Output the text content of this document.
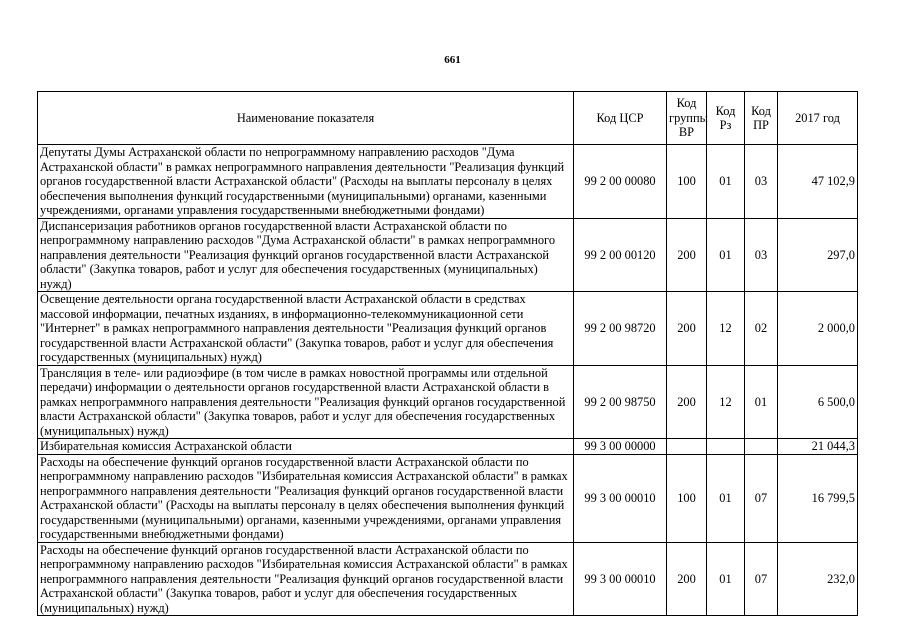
661
Наименование показателя	Код ЦСР	Код группы ВР	Код Рз	Код ПР	2017 год
Депутаты Думы Астраханской области по непрограммному направлению расходов "Дума Астраханской области" в рамках непрограммного направления деятельности "Реализация функций органов государственной власти Астраханской области" (Расходы на выплаты персоналу в целях обеспечения выполнения функций государственными (муниципальными) органами, казенными учреждениями, органами управления государственными внебюджетными фондами)	99 2 00 00080	100	01	03	47 102,9
Диспансеризация работников органов государственной власти Астраханской области по непрограммному направлению расходов "Дума Астраханской области" в рамках непрограммного направления деятельности "Реализация функций органов государственной власти Астраханской области" (Закупка товаров, работ и услуг для обеспечения государственных (муниципальных) нужд)	99 2 00 00120	200	01	03	297,0
Освещение деятельности органа государственной власти Астраханской области в средствах массовой информации, печатных изданиях, в информационно-телекоммуникационной сети "Интернет" в рамках непрограммного направления деятельности "Реализация функций органов государственной власти Астраханской области" (Закупка товаров, работ и услуг для обеспечения государственных (муниципальных) нужд)	99 2 00 98720	200	12	02	2 000,0
Трансляция в теле- или радиоэфире (в том числе в рамках новостной программы или отдельной передачи) информации о деятельности органов государственной власти Астраханской области в рамках непрограммного направления деятельности "Реализация функций органов государственной власти Астраханской области" (Закупка товаров, работ и услуг для обеспечения государственных (муниципальных) нужд)	99 2 00 98750	200	12	01	6 500,0
Избирательная комиссия Астраханской области	99 3 00 00000				21 044,3
Расходы на обеспечение функций органов государственной власти Астраханской области по непрограммному направлению расходов "Избирательная комиссия Астраханской области" в рамках непрограммного направления деятельности "Реализация функций органов государственной власти Астраханской области" (Расходы на выплаты персоналу в целях обеспечения выполнения функций государственными (муниципальными) органами, казенными учреждениями, органами управления государственными внебюджетными фондами)	99 3 00 00010	100	01	07	16 799,5
Расходы на обеспечение функций органов государственной власти Астраханской области по непрограммному направлению расходов "Избирательная комиссия Астраханской области" в рамках непрограммного направления деятельности "Реализация функций органов государственной власти Астраханской области" (Закупка товаров, работ и услуг для обеспечения государственных (муниципальных) нужд)	99 3 00 00010	200	01	07	232,0
